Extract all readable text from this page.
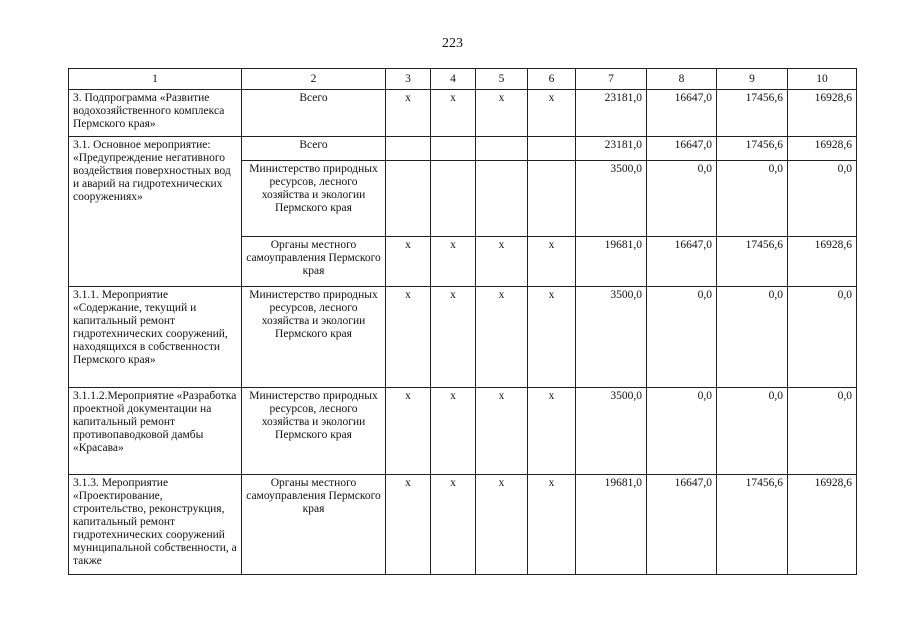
223
1	2	3	4	5	6	7	8	9	10
3. Подпрограмма «Развитие водохозяйственного комплекса Пермского края»	Всего	x	x	x	x	23181,0	16647,0	17456,6	16928,6
3.1. Основное мероприятие: «Предупреждение негативного воздействия поверхностных вод и аварий на гидротехнических сооружениях»	Всего					23181,0	16647,0	17456,6	16928,6
	Министерство природных ресурсов, лесного хозяйства и экологии Пермского края					3500,0	0,0	0,0	0,0
	Органы местного самоуправления Пермского края	x	x	x	x	19681,0	16647,0	17456,6	16928,6
3.1.1. Мероприятие «Содержание, текущий и капитальный ремонт гидротехнических сооружений, находящихся в собственности Пермского края»	Министерство природных ресурсов, лесного хозяйства и экологии Пермского края	x	x	x	x	3500,0	0,0	0,0	0,0
3.1.1.2.Мероприятие «Разработка проектной документации на капитальный ремонт противопаводковой дамбы «Красава»	Министерство природных ресурсов, лесного хозяйства и экологии Пермского края	x	x	x	x	3500,0	0,0	0,0	0,0
3.1.3. Мероприятие «Проектирование, строительство, реконструкция, капитальный ремонт гидротехнических сооружений муниципальной собственности, а также	Органы местного самоуправления Пермского края	x	x	x	x	19681,0	16647,0	17456,6	16928,6
